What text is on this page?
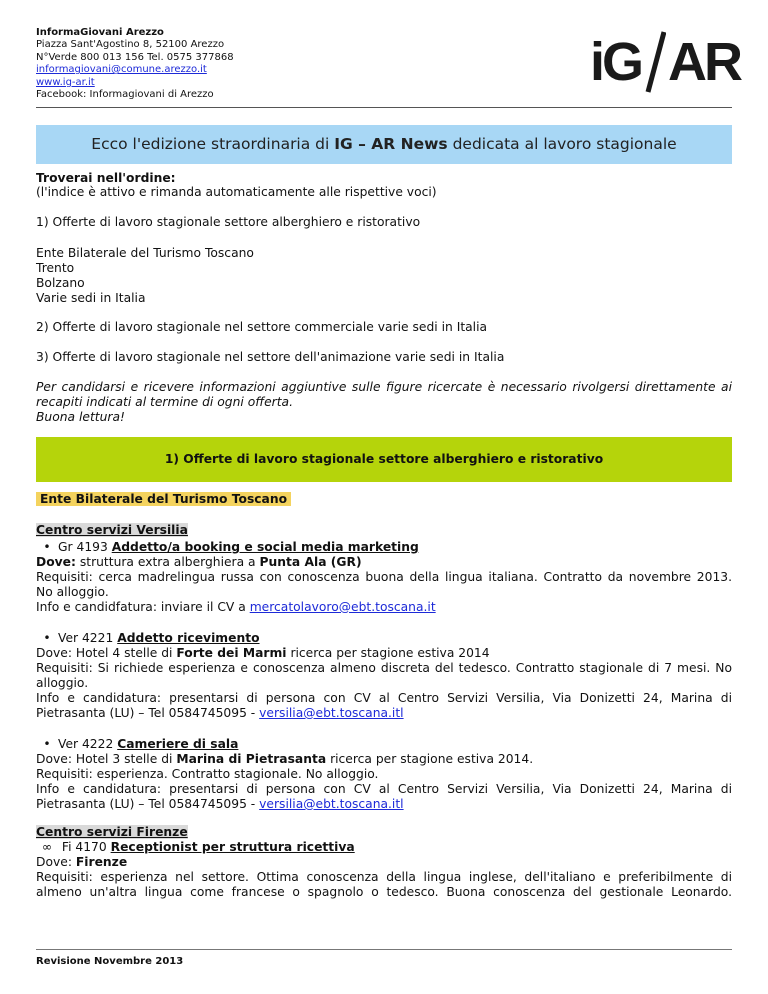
InformaGiovani Arezzo
Piazza Sant'Agostino 8, 52100 Arezzo
N°Verde 800 013 156 Tel. 0575 377868
informagiovani@comune.arezzo.it
www.ig-ar.it
Facebook: Informagiovani di Arezzo
iG AR
Ecco l'edizione straordinaria di IG – AR News dedicata al lavoro stagionale
Troverai nell'ordine:
(l'indice è attivo e rimanda automaticamente alle rispettive voci)
1) Offerte di lavoro stagionale settore alberghiero e ristorativo
Ente Bilaterale del Turismo Toscano
Trento
Bolzano
Varie sedi in Italia
2) Offerte di lavoro stagionale nel settore commerciale varie sedi in Italia
3) Offerte di lavoro stagionale nel settore dell'animazione varie sedi in Italia
Per candidarsi e ricevere informazioni aggiuntive sulle figure ricercate è necessario rivolgersi direttamente ai
recapiti indicati al termine di ogni offerta.
Buona lettura!
1) Offerte di lavoro stagionale settore alberghiero e ristorativo
Ente Bilaterale del Turismo Toscano
Centro servizi Versilia
• Gr 4193 Addetto/a booking e social media marketing
Dove: struttura extra alberghiera a Punta Ala (GR)
Requisiti: cerca madrelingua russa con conoscenza buona della lingua italiana. Contratto da novembre 2013.
No alloggio.
Info e candidfatura: inviare il CV a mercatolavoro@ebt.toscana.it
• Ver 4221 Addetto ricevimento
Dove: Hotel 4 stelle di Forte dei Marmi ricerca per stagione estiva 2014
Requisiti: Si richiede esperienza e conoscenza almeno discreta del tedesco. Contratto stagionale di 7 mesi. No
alloggio.
Info e candidatura: presentarsi di persona con CV al Centro Servizi Versilia, Via Donizetti 24, Marina di
Pietrasanta (LU) – Tel 0584745095 - versilia@ebt.toscana.itl
• Ver 4222 Cameriere di sala
Dove: Hotel 3 stelle di Marina di Pietrasanta ricerca per stagione estiva 2014.
Requisiti: esperienza. Contratto stagionale. No alloggio.
Info e candidatura: presentarsi di persona con CV al Centro Servizi Versilia, Via Donizetti 24, Marina di
Pietrasanta (LU) – Tel 0584745095 - versilia@ebt.toscana.itl
Centro servizi Firenze
∞ Fi 4170 Receptionist per struttura ricettiva
Dove: Firenze
Requisiti: esperienza nel settore. Ottima conoscenza della lingua inglese, dell'italiano e preferibilmente di
almeno un'altra lingua come francese o spagnolo o tedesco. Buona conoscenza del gestionale Leonardo.
Revisione Novembre 2013
